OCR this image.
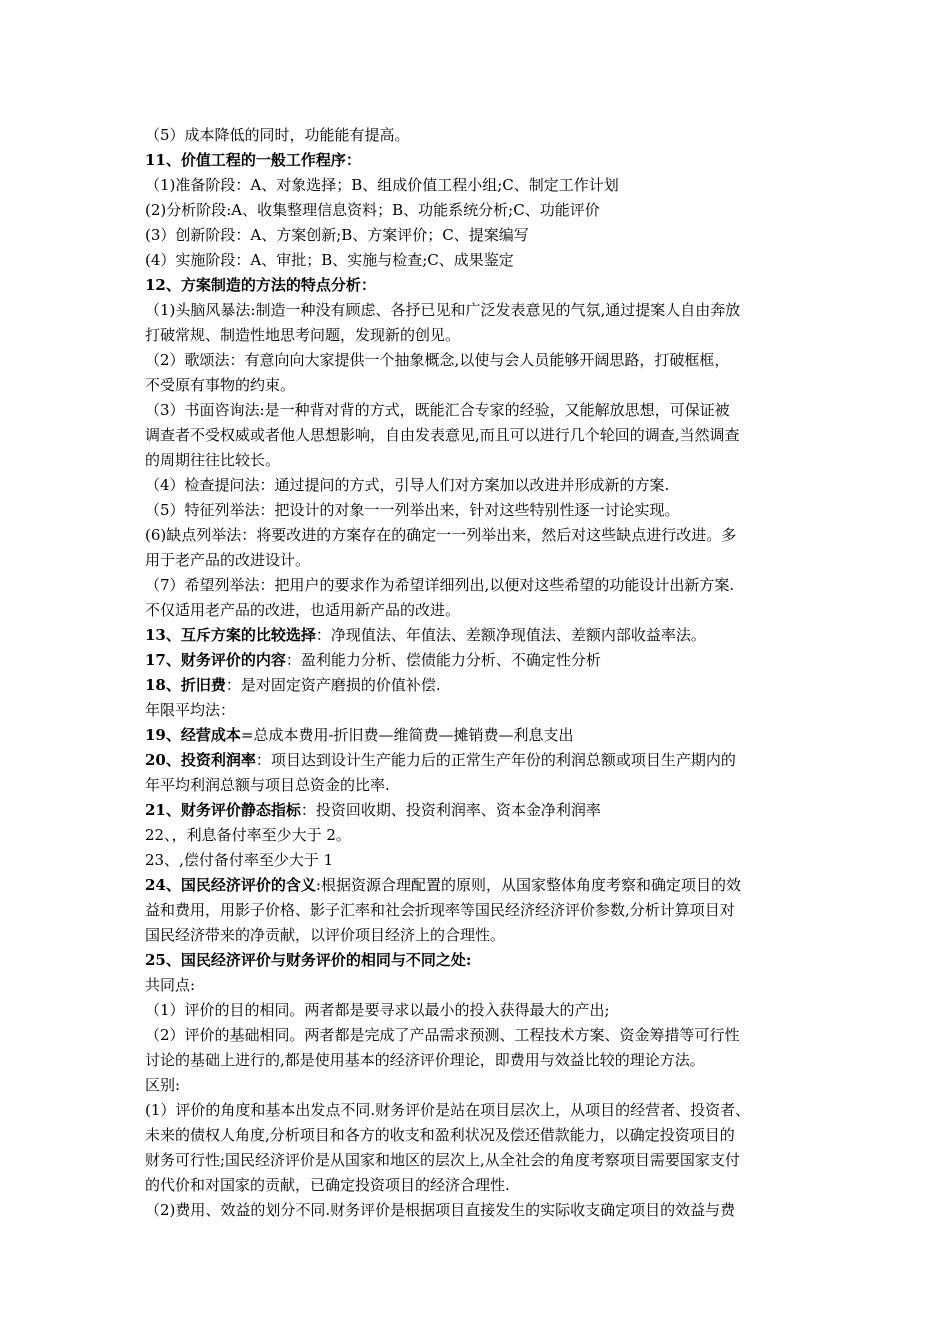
（5）成本降低的同时，功能能有提高。
11、价值工程的一般工作程序：
（1)准备阶段：A、对象选择；B、组成价值工程小组;C、制定工作计划
(2)分析阶段:A、收集整理信息资料；B、功能系统分析;C、功能评价
(3）创新阶段：A、方案创新;B、方案评价；C、提案编写
(4）实施阶段：A、审批；B、实施与检查;C、成果鉴定
12、方案制造的方法的特点分析：
（1)头脑风暴法:制造一种没有顾虑、各抒已见和广泛发表意见的气氛,通过提案人自由奔放
打破常规、制造性地思考问题，发现新的创见。
（2）歌颂法：有意向向大家提供一个抽象概念,以使与会人员能够开阔思路，打破框框，
不受原有事物的约束。
（3）书面咨询法:是一种背对背的方式，既能汇合专家的经验，又能解放思想，可保证被
调查者不受权威或者他人思想影响，自由发表意见,而且可以进行几个轮回的调查,当然调查
的周期往往比较长。
（4）检查提问法：通过提问的方式，引导人们对方案加以改进并形成新的方案.
（5）特征列举法：把设计的对象一一列举出来，针对这些特别性逐一讨论实现。
(6)缺点列举法：将要改进的方案存在的确定一一列举出来，然后对这些缺点进行改进。多
用于老产品的改进设计。
（7）希望列举法：把用户的要求作为希望详细列出,以便对这些希望的功能设计出新方案.
不仅适用老产品的改进，也适用新产品的改进。
13、互斥方案的比较选择：净现值法、年值法、差额净现值法、差额内部收益率法。
17、财务评价的内容：盈利能力分析、偿债能力分析、不确定性分析
18、折旧费：是对固定资产磨损的价值补偿.
年限平均法：
19、经营成本=总成本费用-折旧费—维简费—摊销费—利息支出
20、投资利润率：项目达到设计生产能力后的正常生产年份的利润总额或项目生产期内的
年平均利润总额与项目总资金的比率.
21、财务评价静态指标：投资回收期、投资利润率、资本金净利润率
22、，利息备付率至少大于 2。
23、,偿付备付率至少大于 1
24、国民经济评价的含义:根据资源合理配置的原则，从国家整体角度考察和确定项目的效
益和费用，用影子价格、影子汇率和社会折现率等国民经济经济评价参数,分析计算项目对
国民经济带来的净贡献，以评价项目经济上的合理性。
25、国民经济评价与财务评价的相同与不同之处:
共同点:
（1）评价的目的相同。两者都是要寻求以最小的投入获得最大的产出;
（2）评价的基础相同。两者都是完成了产品需求预测、工程技术方案、资金筹措等可行性
讨论的基础上进行的,都是使用基本的经济评价理论，即费用与效益比较的理论方法。
区别:
(1）评价的角度和基本出发点不同.财务评价是站在项目层次上，从项目的经营者、投资者、
未来的债权人角度,分析项目和各方的收支和盈利状况及偿还借款能力，以确定投资项目的
财务可行性;国民经济评价是从国家和地区的层次上,从全社会的角度考察项目需要国家支付
的代价和对国家的贡献，已确定投资项目的经济合理性.
（2)费用、效益的划分不同.财务评价是根据项目直接发生的实际收支确定项目的效益与费
